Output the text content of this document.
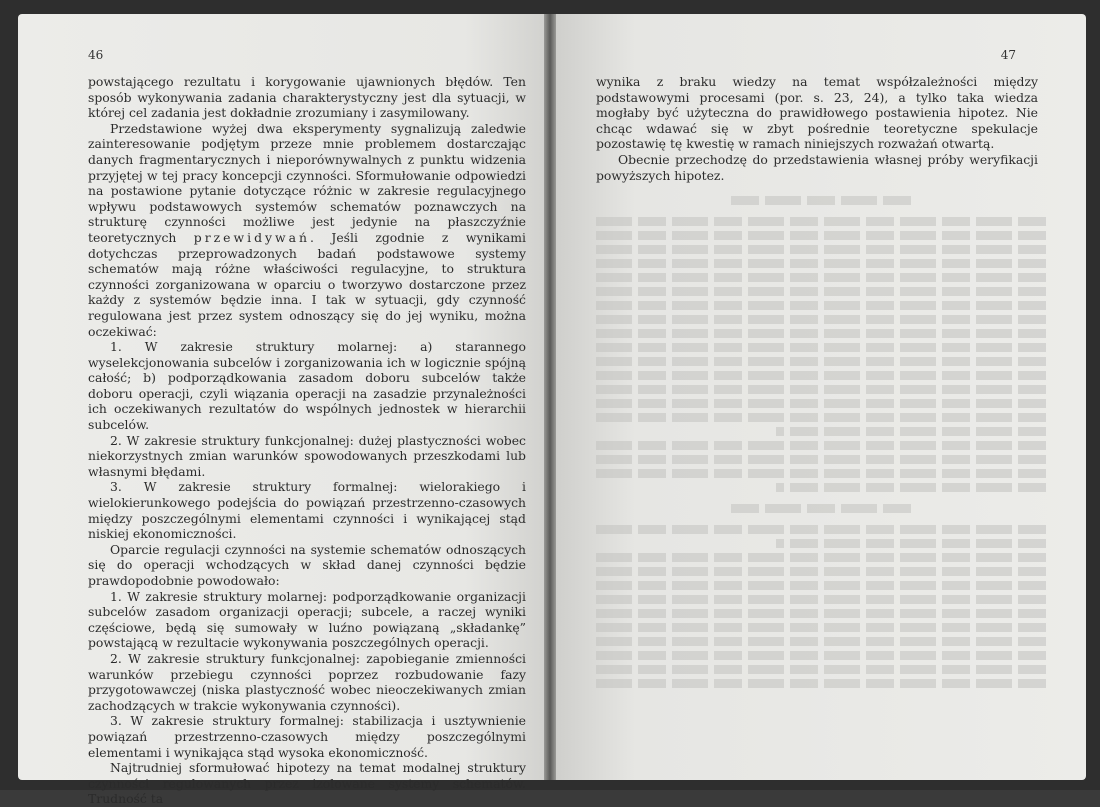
46

powstającego rezultatu i korygowanie ujawnionych błędów. Ten sposób wykonywania zadania charakterystyczny jest dla sytuacji, w której cel zadania jest dokładnie zrozumiany i zasymilowany.

Przedstawione wyżej dwa eksperymenty sygnalizują zaledwie zainteresowanie podjętym przeze mnie problemem dostarczając danych fragmentarycznych i nieporównywalnych z punktu widzenia przyjętej w tej pracy koncepcji czynności. Sformułowanie odpowiedzi na postawione pytanie dotyczące różnic w zakresie regulacyjnego wpływu podstawowych systemów schematów poznawczych na strukturę czynności możliwe jest jedynie na płaszczyźnie teoretycznych przewidywań. Jeśli zgodnie z wynikami dotychczas przeprowadzonych badań podstawowe systemy schematów mają różne właściwości regulacyjne, to struktura czynności zorganizowana w oparciu o tworzywo dostarczone przez każdy z systemów będzie inna. I tak w sytuacji, gdy czynność regulowana jest przez system odnoszący się do jej wyniku, można oczekiwać:

1. W zakresie struktury molarnej: a) starannego wyselekcjonowania subcelów i zorganizowania ich w logicznie spójną całość; b) podporządkowania zasadom doboru subcelów także doboru operacji, czyli wiązania operacji na zasadzie przynależności ich oczekiwanych rezultatów do wspólnych jednostek w hierarchii subcelów.

2. W zakresie struktury funkcjonalnej: dużej plastyczności wobec niekorzystnych zmian warunków spowodowanych przeszkodami lub własnymi błędami.

3. W zakresie struktury formalnej: wielorakiego i wielokierunkowego podejścia do powiązań przestrzenno-czasowych między poszczególnymi elementami czynności i wynikającej stąd niskiej ekonomiczności.

Oparcie regulacji czynności na systemie schematów odnoszących się do operacji wchodzących w skład danej czynności będzie prawdopodobnie powodowało:

1. W zakresie struktury molarnej: podporządkowanie organizacji subcelów zasadom organizacji operacji; subcele, a raczej wyniki częściowe, będą się sumowały w luźno powiązaną „składankę” powstającą w rezultacie wykonywania poszczególnych operacji.

2. W zakresie struktury funkcjonalnej: zapobieganie zmienności warunków przebiegu czynności poprzez rozbudowanie fazy przygotowawczej (niska plastyczność wobec nieoczekiwanych zmian zachodzących w trakcie wykonywania czynności).

3. W zakresie struktury formalnej: stabilizacja i usztywnienie powiązań przestrzenno-czasowych między poszczególnymi elementami i wynikająca stąd wysoka ekonomiczność.

Najtrudniej sformułować hipotezy na temat modalnej struktury czynności regulowanych przez izolowane systemy schematów. Trudność ta

47

wynika z braku wiedzy na temat współzależności między podstawowymi procesami (por. s. 23, 24), a tylko taka wiedza mogłaby być użyteczna do prawidłowego postawienia hipotez. Nie chcąc wdawać się w zbyt pośrednie teoretyczne spekulacje pozostawię tę kwestię w ramach niniejszych rozważań otwartą.

Obecnie przechodzę do przedstawienia własnej próby weryfikacji powyższych hipotez.
